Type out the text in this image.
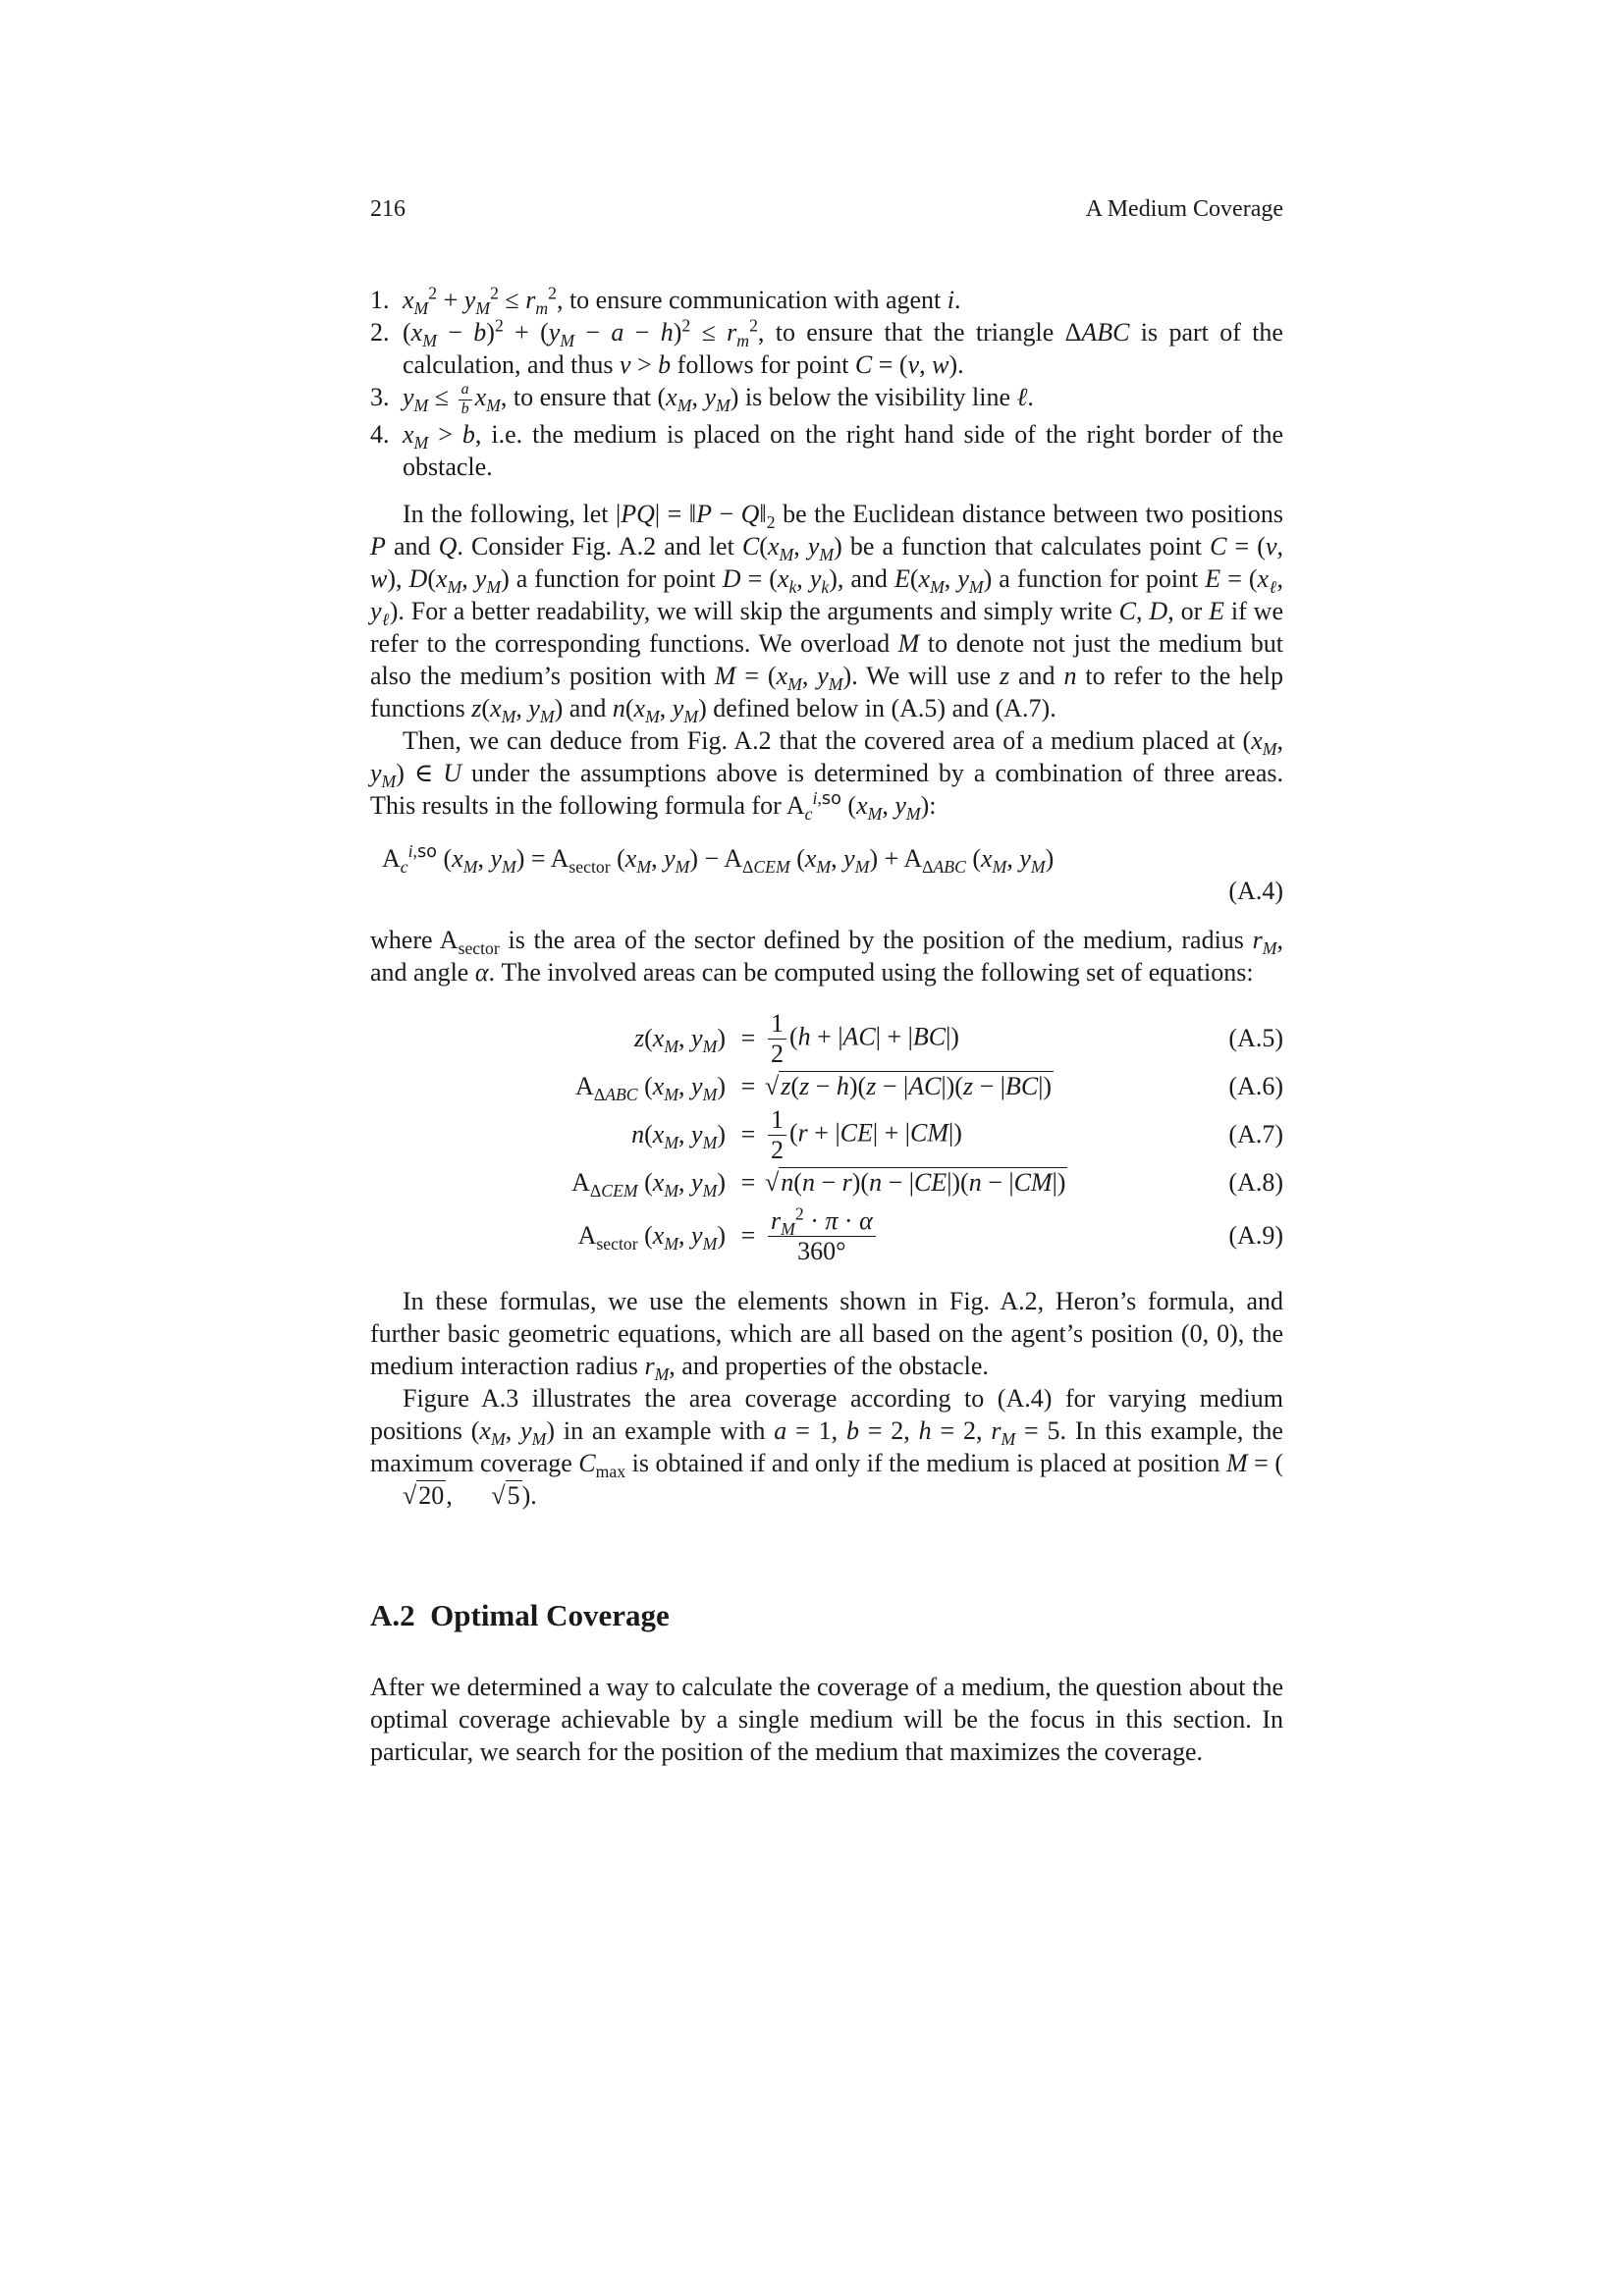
216	A Medium Coverage
1. $x_M^2 + y_M^2 \le r_m^2$, to ensure communication with agent i.
2. $(x_M - b)^2 + (y_M - a - h)^2 \le r_m^2$, to ensure that the triangle ΔABC is part of the calculation, and thus v > b follows for point C = (v, w).
3. $y_M \le \frac{a}{b} x_M$, to ensure that ($x_M$, $y_M$) is below the visibility line ℓ.
4. $x_M > b$, i.e. the medium is placed on the right hand side of the right border of the obstacle.

In the following, let |PQ| = ‖P − $Q‖_2$ be the Euclidean distance between two positions P and Q. Consider Fig. A.2 and let $C(x_M$, $y_M$) be a function that calculates point C = (v, w), $D(x_M$, $y_M$) a function for point $D = (x_k$, $y_k$), and $E(x_M$, $y_M$) a function for point $E = (x_\ell$, $y_\ell$). For a better readability, we will skip the arguments and simply write C, D, or E if we refer to the corresponding functions. We overload M to denote not just the medium but also the medium’s position with $M = (x_M$, $y_M$). We will use z and n to refer to the help functions $z(x_M$, $y_M$) and $n(x_M$, $y_M$) defined below in (A.5) and (A.7).

Then, we can deduce from Fig. A.2 that the covered area of a medium placed at ($x_M$, $y_M$) ∈ U under the assumptions above is determined by a combination of three areas. This results in the following formula for $A_c^{i,so}$ ($x_M$, $y_M$):

$A_c^{i,so}$ ($x_M$, $y_M) = A_{sector}$ ($x_M$, $y_M) - A_{\Delta CEM}$ ($x_M$, $y_M) + A_{\Delta ABC}$ ($x_M$, $y_M$)
(A.4)

where $A_{sector}$ is the area of the sector defined by the position of the medium, radius $r_M$, and angle α. The involved areas can be computed using the following set of equations:

$z(x_M$, $y_M) = \frac{1}{2} (h + |AC| + |BC|)$	(A.5)
$A_{\Delta ABC}$ ($x_M$, $y_M) = √z(z - h)(z - |AC|)(z - |BC|)$	(A.6)
$n(x_M$, $y_M) = \frac{1}{2} (r + |CE| + |CM|)$	(A.7)
$A_{\Delta CEM}$ ($x_M$, $y_M) = √n(n - r)(n - |CE|)(n - |CM|)$	(A.8)
$A_{sector}$ ($x_M$, $y_M) = \frac{r_M^2 \cdot \pi \cdot \alpha}{360^\circ}$	(A.9)

In these formulas, we use the elements shown in Fig. A.2, Heron’s formula, and further basic geometric equations, which are all based on the agent’s position (0, 0), the medium interaction radius $r_M$, and properties of the obstacle.

Figure A.3 illustrates the area coverage according to (A.4) for varying medium positions ($x_M$, $y_M$) in an example with a = 1, b = 2, h = 2, $r_M = 5$. In this example, the maximum coverage $C_{max}$ is obtained if and only if the medium is placed at position M = (√20, √5).

A.2 Optimal Coverage

After we determined a way to calculate the coverage of a medium, the question about the optimal coverage achievable by a single medium will be the focus in this section. In particular, we search for the position of the medium that maximizes the coverage.
